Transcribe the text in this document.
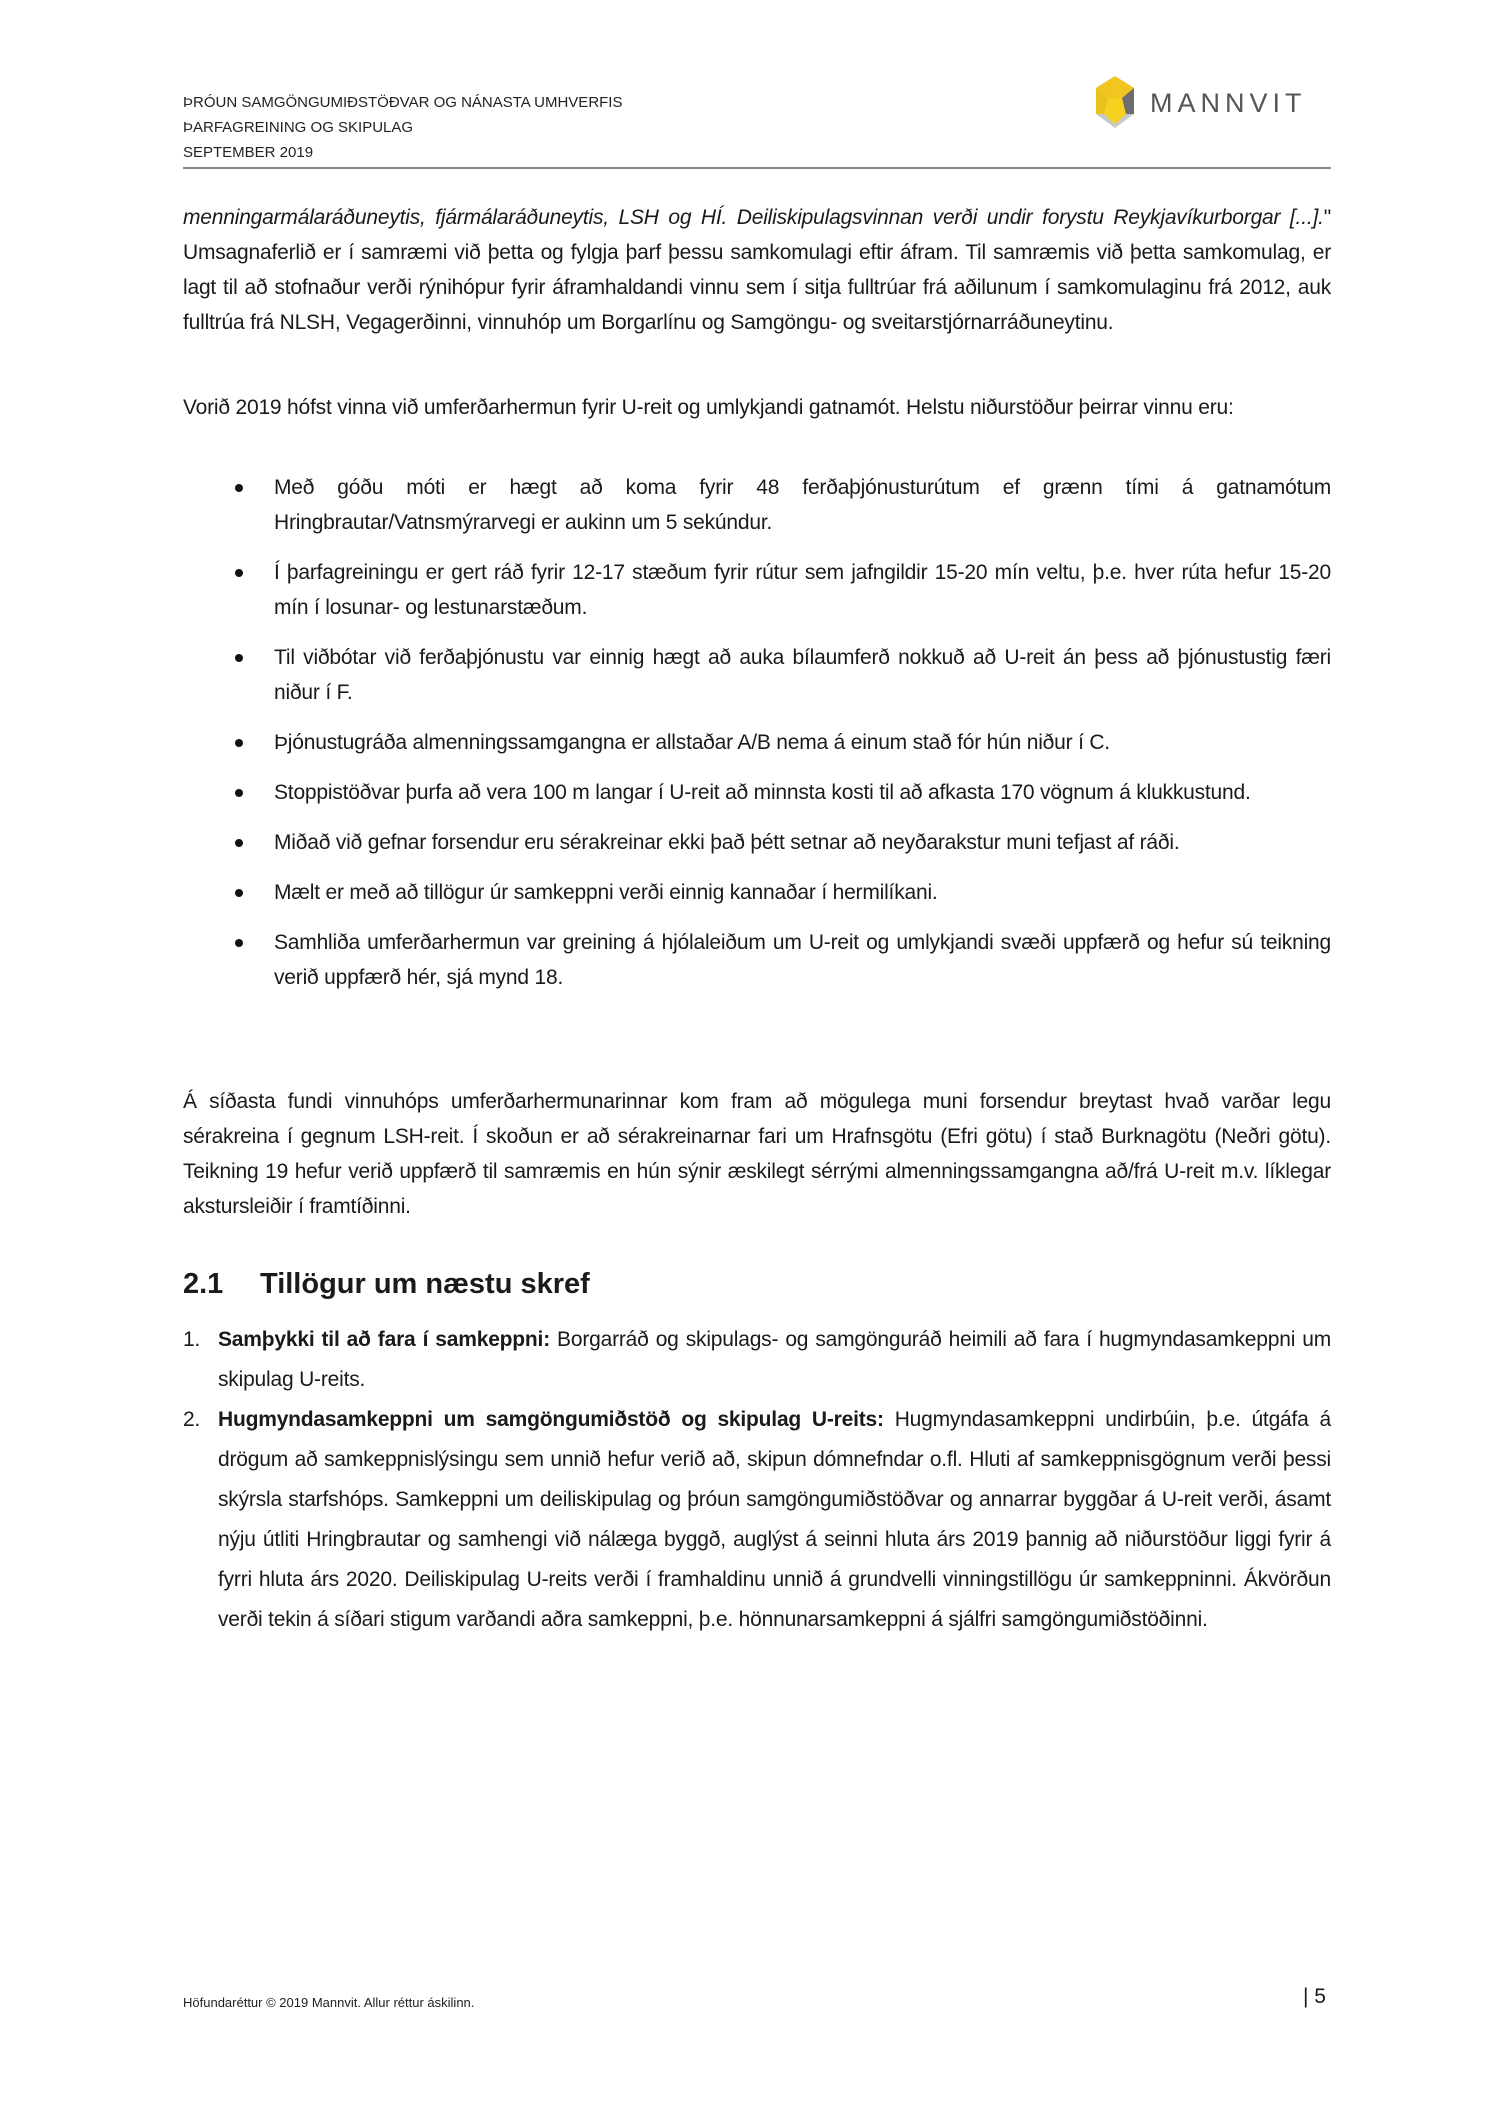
ÞRÓUN SAMGÖNGUMIÐSTÖÐVAR OG NÁNASTA UMHVERFIS
ÞARFAGREINING OG SKIPULAG
SEPTEMBER 2019
MANNVIT

menningarmálaráðuneytis, fjármálaráðuneytis, LSH og HÍ. Deiliskipulagsvinnan verði undir forystu Reykjavíkurborgar [...]." Umsagnaferlið er í samræmi við þetta og fylgja þarf þessu samkomulagi eftir áfram. Til samræmis við þetta samkomulag, er lagt til að stofnaður verði rýnihópur fyrir áframhaldandi vinnu sem í sitja fulltrúar frá aðilunum í samkomulaginu frá 2012, auk fulltrúa frá NLSH, Vegagerðinni, vinnuhóp um Borgarlínu og Samgöngu- og sveitarstjórnarráðuneytinu.

Vorið 2019 hófst vinna við umferðarhermun fyrir U-reit og umlykjandi gatnamót. Helstu niðurstöður þeirrar vinnu eru:

Með góðu móti er hægt að koma fyrir 48 ferðaþjónusturútum ef grænn tími á gatnamótum Hringbrautar/Vatnsmýrarvegi er aukinn um 5 sekúndur.
Í þarfagreiningu er gert ráð fyrir 12-17 stæðum fyrir rútur sem jafngildir 15-20 mín veltu, þ.e. hver rúta hefur 15-20 mín í losunar- og lestunarstæðum.
Til viðbótar við ferðaþjónustu var einnig hægt að auka bílaumferð nokkuð að U-reit án þess að þjónustustig færi niður í F.
Þjónustugráða almenningssamgangna er allstaðar A/B nema á einum stað fór hún niður í C.
Stoppistöðvar þurfa að vera 100 m langar í U-reit að minnsta kosti til að afkasta 170 vögnum á klukkustund.
Miðað við gefnar forsendur eru sérakreinar ekki það þétt setnar að neyðarakstur muni tefjast af ráði.
Mælt er með að tillögur úr samkeppni verði einnig kannaðar í hermilíkani.
Samhliða umferðarhermun var greining á hjólaleiðum um U-reit og umlykjandi svæði uppfærð og hefur sú teikning verið uppfærð hér, sjá mynd 18.

Á síðasta fundi vinnuhóps umferðarhermunarinnar kom fram að mögulega muni forsendur breytast hvað varðar legu sérakreina í gegnum LSH-reit. Í skoðun er að sérakreinarnar fari um Hrafnsgötu (Efri götu) í stað Burknagötu (Neðri götu). Teikning 19 hefur verið uppfærð til samræmis en hún sýnir æskilegt sérrými almenningssamgangna að/frá U-reit m.v. líklegar akstursleiðir í framtíðinni.

2.1 Tillögur um næstu skref
1. Samþykki til að fara í samkeppni: Borgarráð og skipulags- og samgönguráð heimili að fara í hugmyndasamkeppni um skipulag U-reits.
2. Hugmyndasamkeppni um samgöngumiðstöð og skipulag U-reits: Hugmyndasamkeppni undirbúin, þ.e. útgáfa á drögum að samkeppnislýsingu sem unnið hefur verið að, skipun dómnefndar o.fl. Hluti af samkeppnisgögnum verði þessi skýrsla starfshóps. Samkeppni um deiliskipulag og þróun samgöngumiðstöðvar og annarrar byggðar á U-reit verði, ásamt nýju útliti Hringbrautar og samhengi við nálæga byggð, auglýst á seinni hluta árs 2019 þannig að niðurstöður liggi fyrir á fyrri hluta árs 2020. Deiliskipulag U-reits verði í framhaldinu unnið á grundvelli vinningstillögu úr samkeppninni. Ákvörðun verði tekin á síðari stigum varðandi aðra samkeppni, þ.e. hönnunarsamkeppni á sjálfri samgöngumiðstöðinni.
Höfundaréttur © 2019 Mannvit. Allur réttur áskilinn.	| 5
